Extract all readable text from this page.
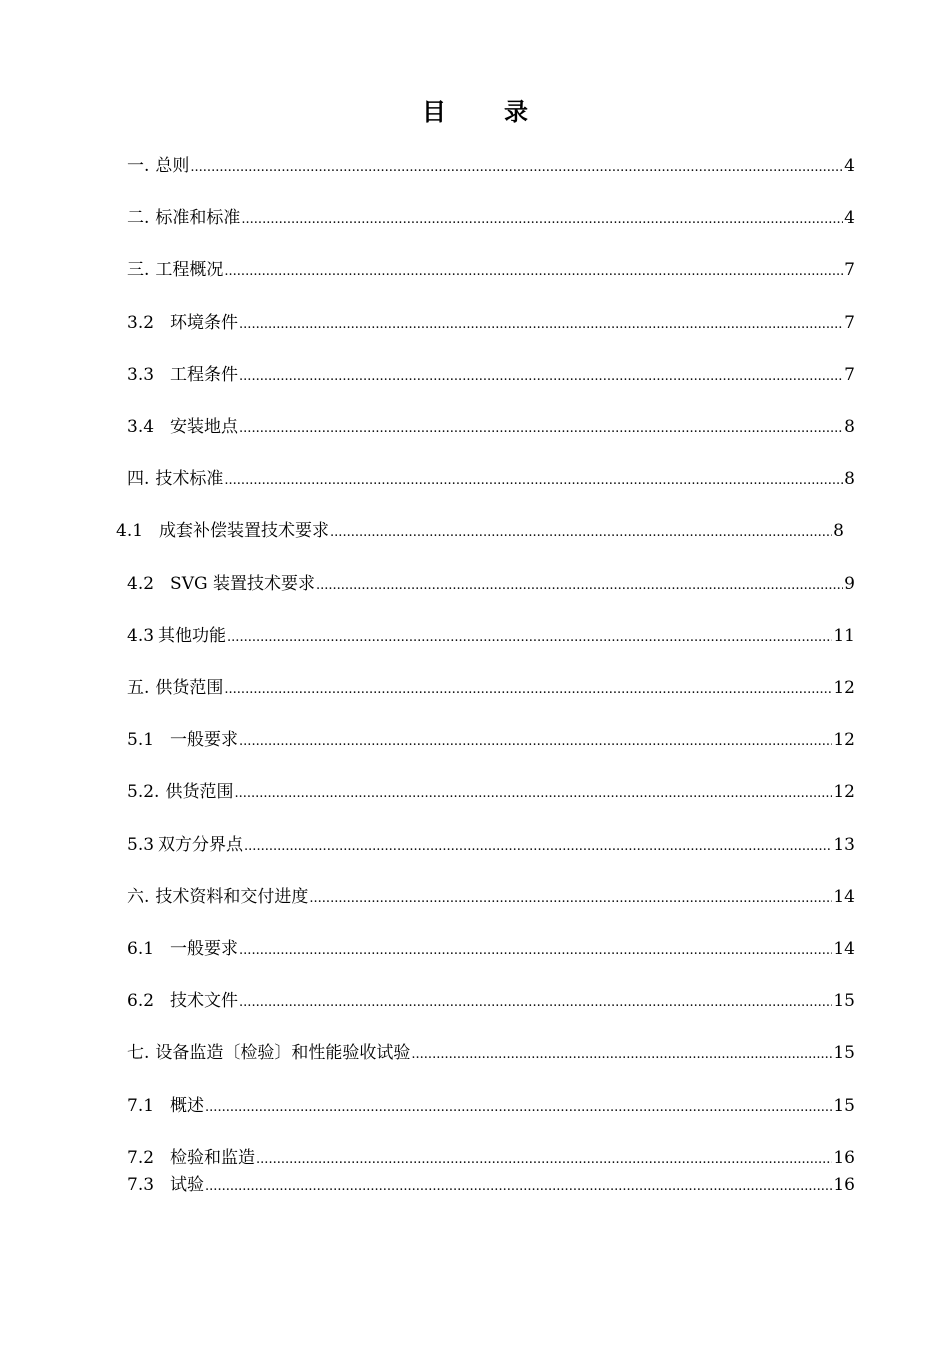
目 录
一. 总则 .....	4
二. 标准和标准 .....	4
三. 工程概况 .....	7
3.2 环境条件 .....	7
3.3 工程条件 .....	7
3.4 安装地点 .....	8
四. 技术标准 .....	8
4.1 成套补偿装置技术要求 .....	8
4.2 SVG 装置技术要求 .....	9
4.3 其他功能 .....	11
五. 供货范围 .....	12
5.1 一般要求 .....	12
5.2. 供货范围 .....	12
5.3 双方分界点 .....	13
六. 技术资料和交付进度 .....	14
6.1 一般要求 .....	14
6.2 技术文件 .....	15
七. 设备监造〔检验〕和性能验收试验 .....	15
7.1 概述 .....	15
7.2 检验和监造 .....	16
7.3 试验 .....	16
